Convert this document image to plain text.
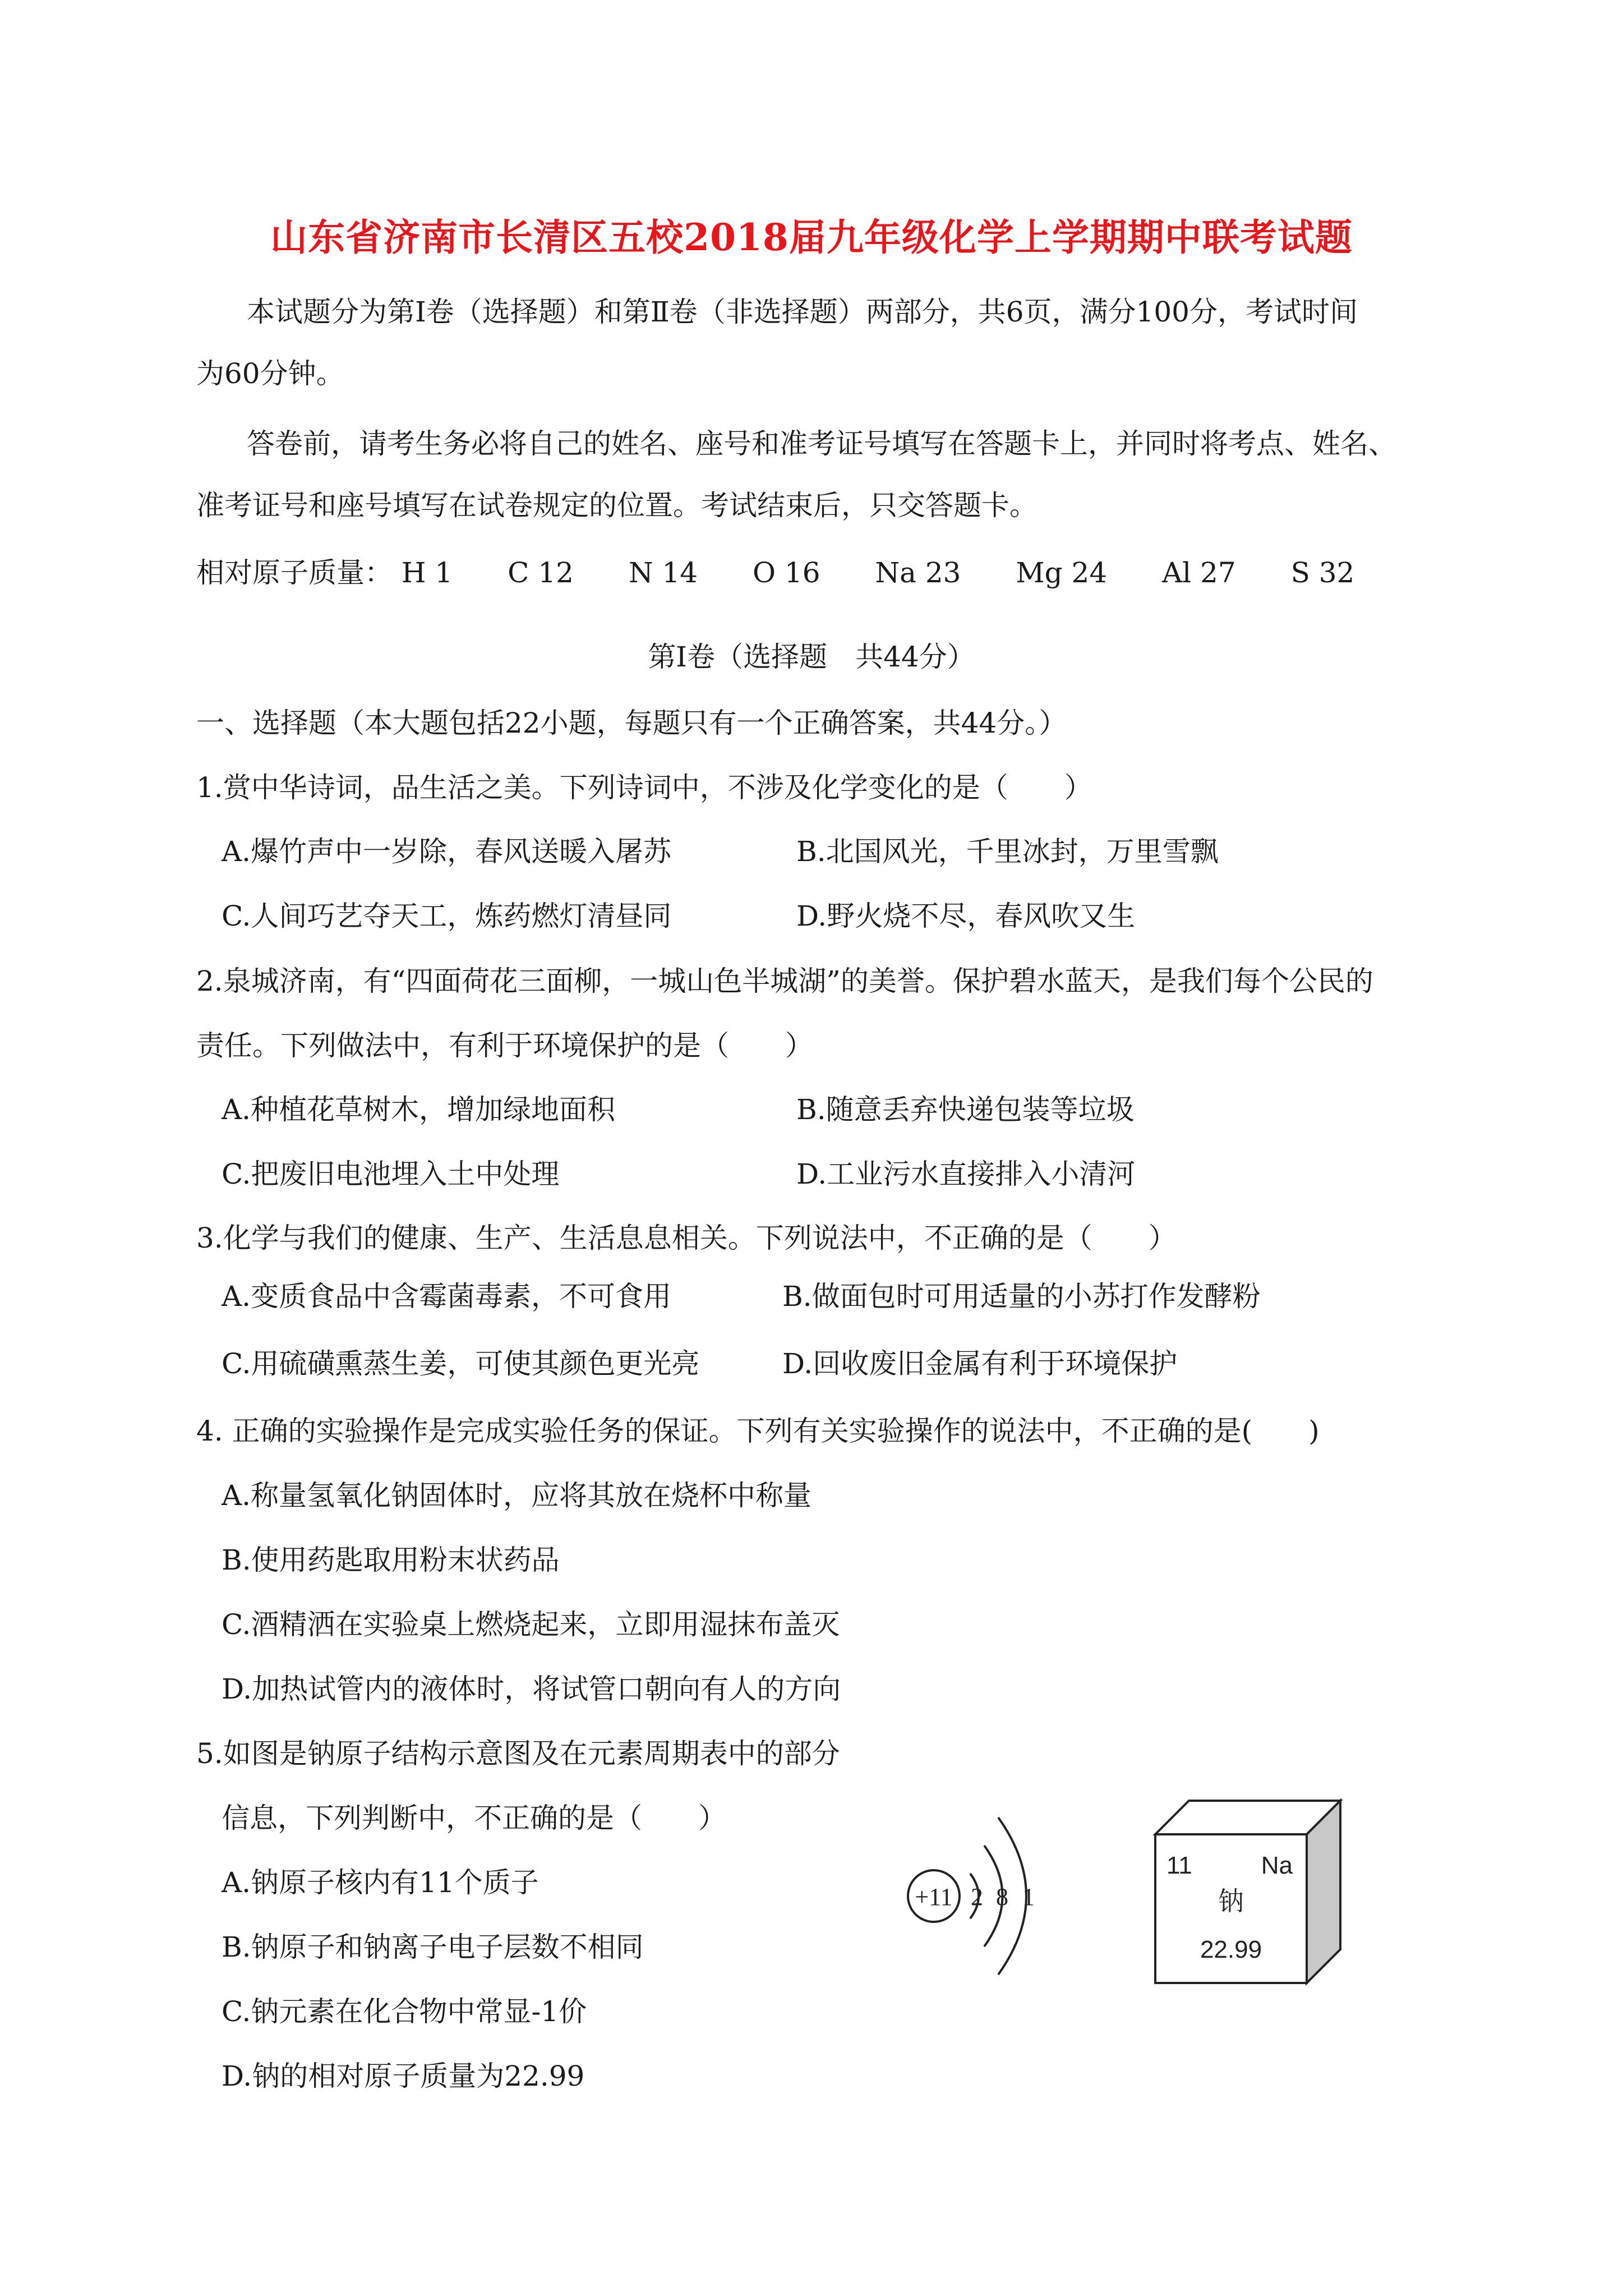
山东省济南市长清区五校2018届九年级化学上学期期中联考试题
本试题分为第Ⅰ卷（选择题）和第Ⅱ卷（非选择题）两部分，共6页，满分100分，考试时间
为60分钟。
答卷前，请考生务必将自己的姓名、座号和准考证号填写在答题卡上，并同时将考点、姓名、
准考证号和座号填写在试卷规定的位置。考试结束后，只交答题卡。
相对原子质量： H 1 C 12 N 14 O 16 Na 23 Mg 24 Al 27 S 32
第Ⅰ卷（选择题　共44分）
一、选择题（本大题包括22小题，每题只有一个正确答案，共44分。）
1.赏中华诗词，品生活之美。下列诗词中，不涉及化学变化的是（　　）
A.爆竹声中一岁除，春风送暖入屠苏	B.北国风光，千里冰封，万里雪飘
C.人间巧艺夺天工，炼药燃灯清昼同	D.野火烧不尽，春风吹又生
2.泉城济南，有“四面荷花三面柳，一城山色半城湖”的美誉。保护碧水蓝天，是我们每个公民的
责任。下列做法中，有利于环境保护的是（　　）
A.种植花草树木，增加绿地面积	B.随意丢弃快递包装等垃圾
C.把废旧电池埋入土中处理	D.工业污水直接排入小清河
3.化学与我们的健康、生产、生活息息相关。下列说法中，不正确的是（　　）
A.变质食品中含霉菌毒素，不可食用	B.做面包时可用适量的小苏打作发酵粉
C.用硫磺熏蒸生姜，可使其颜色更光亮	D.回收废旧金属有利于环境保护
4. 正确的实验操作是完成实验任务的保证。下列有关实验操作的说法中，不正确的是(　　)
A.称量氢氧化钠固体时，应将其放在烧杯中称量
B.使用药匙取用粉末状药品
C.酒精洒在实验桌上燃烧起来，立即用湿抹布盖灭
D.加热试管内的液体时，将试管口朝向有人的方向
5.如图是钠原子结构示意图及在元素周期表中的部分
信息，下列判断中，不正确的是（　　）
A.钠原子核内有11个质子
B.钠原子和钠离子电子层数不相同
C.钠元素在化合物中常显-1价
D.钠的相对原子质量为22.99
+11 2 8 1
11	Na
钠
22.99
